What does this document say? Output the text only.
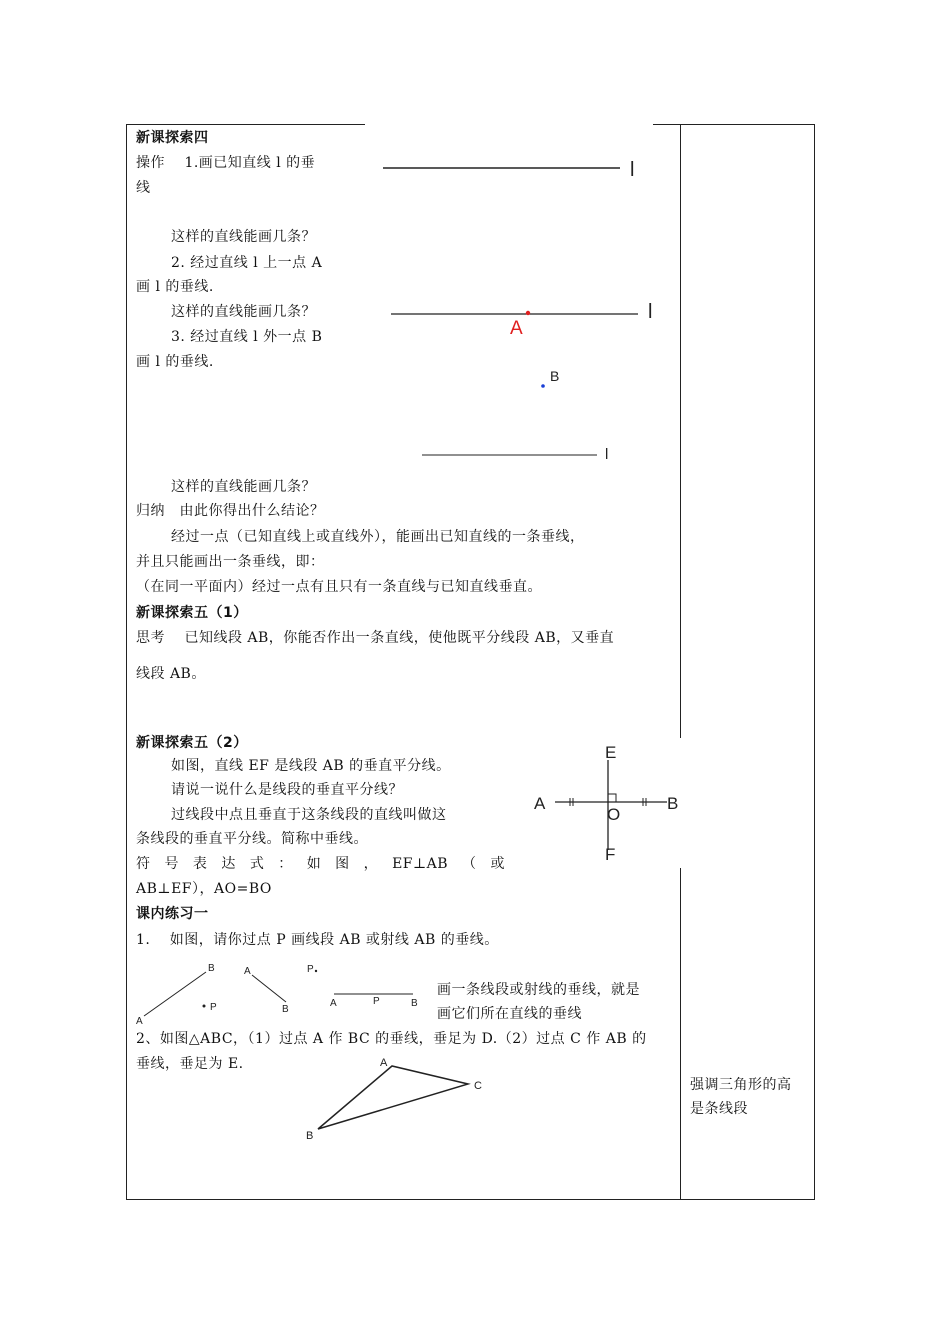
新课探索四
操作　 1.画已知直线 l 的垂
线
这样的直线能画几条？
2. 经过直线 l 上一点 A
画 l 的垂线.
这样的直线能画几条？
3. 经过直线 l 外一点 B
画 l 的垂线.
这样的直线能画几条？
归纳　由此你得出什么结论？
经过一点（已知直线上或直线外），能画出已知直线的一条垂线，
并且只能画出一条垂线，即：
（在同一平面内）经过一点有且只有一条直线与已知直线垂直。
l
A
l
B
l
新课探索五（1）
思考　 已知线段 AB，你能否作出一条直线，使他既平分线段 AB，又垂直
线段 AB。
新课探索五（2）
如图，直线 EF 是线段 AB 的垂直平分线。
请说一说什么是线段的垂直平分线？
过线段中点且垂直于这条线段的直线叫做这
条线段的垂直平分线。简称中垂线。
符 号 表 达 式 ： 如 图 ， EF⊥AB （ 或
AB⊥EF），AO=BO
E
F
A	B
O
课内练习一
1.　 如图，请你过点 P 画线段 AB 或射线 AB 的垂线。
A
B
P
A
B
P
A	P	B
画一条线段或射线的垂线，就是
画它们所在直线的垂线
2、如图△ABC，（1）过点 A 作 BC 的垂线，垂足为 D.（2）过点 C 作 AB 的
垂线，垂足为 E.	A
B
C	强调三角形的高
是条线段
